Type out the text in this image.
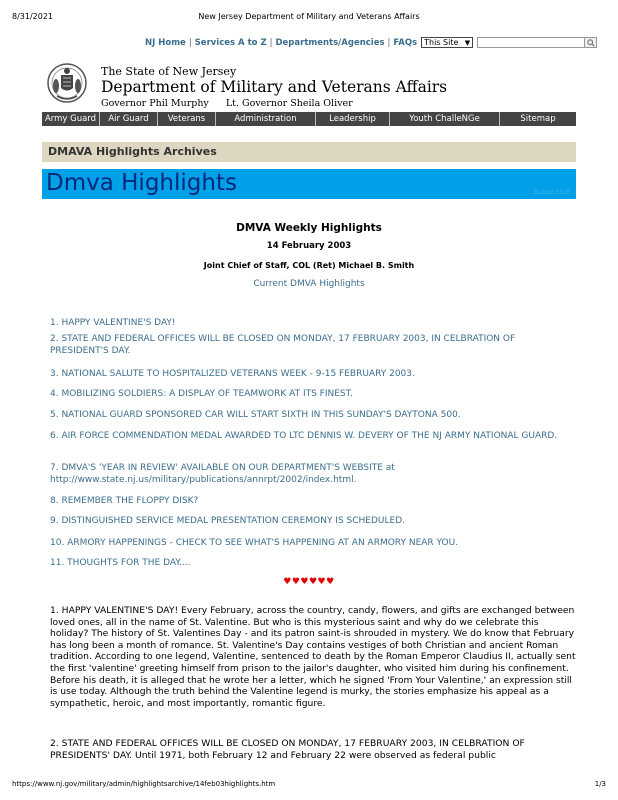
8/31/2021	New Jersey Department of Military and Veterans Affairs
NJ Home | Services A to Z | Departments/Agencies | FAQs This Site ▼
The State of New Jersey
Department of Military and Veterans Affairs
Governor Phil Murphy Lt. Governor Sheila Oliver
Army Guard	Air Guard	Veterans	Administration	Leadership	Youth ChalleNGe	Sitemap
DMAVA Highlights Archives
Dmva Highlights	Button Stuff
DMVA Weekly Highlights
14 February 2003
Joint Chief of Staff, COL (Ret) Michael B. Smith
Current DMVA Highlights
1. HAPPY VALENTINE'S DAY!
2. STATE AND FEDERAL OFFICES WILL BE CLOSED ON MONDAY, 17 FEBRUARY 2003, IN CELBRATION OF PRESIDENT'S DAY.
3. NATIONAL SALUTE TO HOSPITALIZED VETERANS WEEK - 9-15 FEBRUARY 2003.
4. MOBILIZING SOLDIERS: A DISPLAY OF TEAMWORK AT ITS FINEST.
5. NATIONAL GUARD SPONSORED CAR WILL START SIXTH IN THIS SUNDAY'S DAYTONA 500.
6. AIR FORCE COMMENDATION MEDAL AWARDED TO LTC DENNIS W. DEVERY OF THE NJ ARMY NATIONAL GUARD.
7. DMVA'S 'YEAR IN REVIEW' AVAILABLE ON OUR DEPARTMENT'S WEBSITE at http://www.state.nj.us/military/publications/annrpt/2002/index.html.
8. REMEMBER THE FLOPPY DISK?
9. DISTINGUISHED SERVICE MEDAL PRESENTATION CEREMONY IS SCHEDULED.
10. ARMORY HAPPENINGS - CHECK TO SEE WHAT'S HAPPENING AT AN ARMORY NEAR YOU.
11. THOUGHTS FOR THE DAY....
♥♥♥♥♥♥
1. HAPPY VALENTINE'S DAY! Every February, across the country, candy, flowers, and gifts are exchanged between loved ones, all in the name of St. Valentine. But who is this mysterious saint and why do we celebrate this holiday? The history of St. Valentines Day - and its patron saint-is shrouded in mystery. We do know that February has long been a month of romance. St. Valentine's Day contains vestiges of both Christian and ancient Roman tradition. According to one legend, Valentine, sentenced to death by the Roman Emperor Claudius II, actually sent the first 'valentine' greeting himself from prison to the jailor's daughter, who visited him during his confinement. Before his death, it is alleged that he wrote her a letter, which he signed 'From Your Valentine,' an expression still is use today. Although the truth behind the Valentine legend is murky, the stories emphasize his appeal as a sympathetic, heroic, and most importantly, romantic figure.
2. STATE AND FEDERAL OFFICES WILL BE CLOSED ON MONDAY, 17 FEBRUARY 2003, IN CELBRATION OF PRESIDENTS' DAY. Until 1971, both February 12 and February 22 were observed as federal public
https://www.nj.gov/military/admin/highlightsarchive/14feb03highlights.htm	1/3
